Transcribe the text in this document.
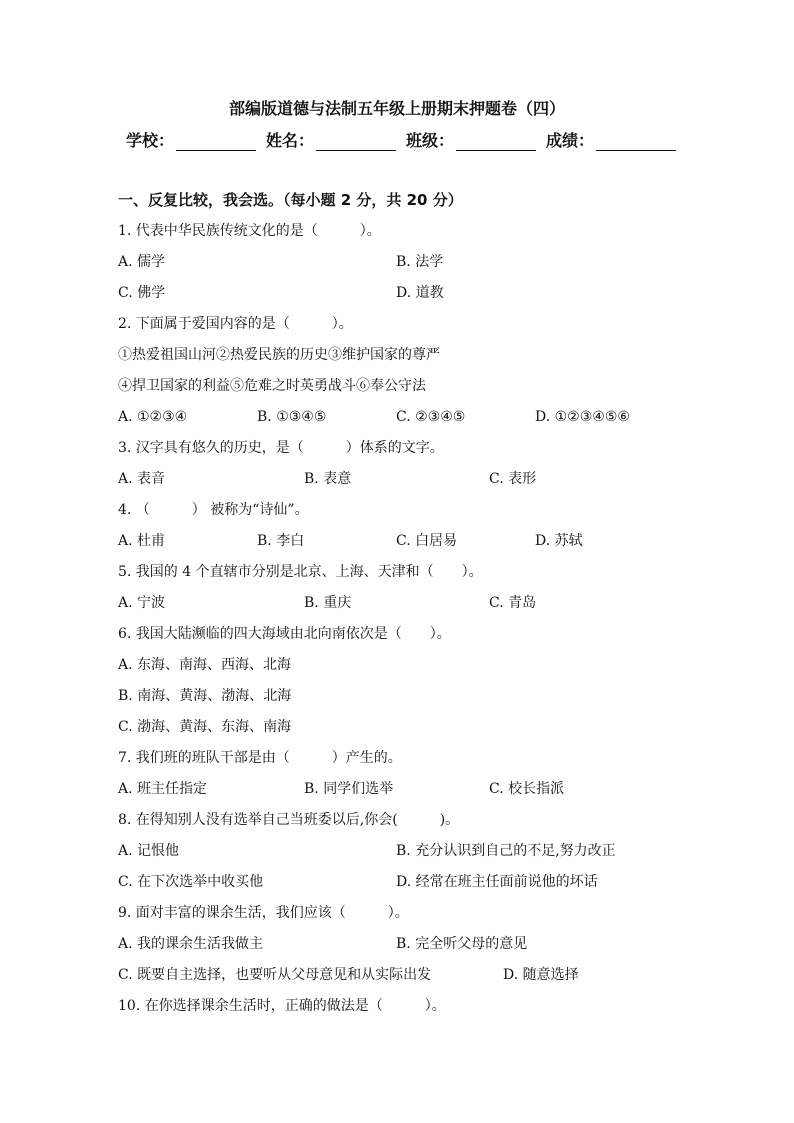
部编版道德与法制五年级上册期末押题卷（四）
学校：	姓名：	班级：	成绩：
一、反复比较，我会选。（每小题 2 分，共 20 分）
1. 代表中华民族传统文化的是（　　　）。
A. 儒学	B. 法学
C. 佛学	D. 道教
2. 下面属于爱国内容的是（　　　）。
①热爱祖国山河②热爱民族的历史③维护国家的尊严
④捍卫国家的利益⑤危难之时英勇战斗⑥奉公守法
A. ①②③④	B. ①③④⑤	C. ②③④⑤	D. ①②③④⑤⑥
3. 汉字具有悠久的历史，是（　　　）体系的文字。
A. 表音	B. 表意	C. 表形
4. （　　　） 被称为“诗仙”。
A. 杜甫	B. 李白	C. 白居易	D. 苏轼
5. 我国的 4 个直辖市分别是北京、上海、天津和（　　）。
A. 宁波	B. 重庆	C. 青岛
6. 我国大陆濒临的四大海域由北向南依次是（　　）。
A. 东海、南海、西海、北海
B. 南海、黄海、渤海、北海
C. 渤海、黄海、东海、南海
7. 我们班的班队干部是由（　　　）产生的。
A. 班主任指定	B. 同学们选举	C. 校长指派
8. 在得知别人没有选举自己当班委以后,你会(　　　)。
A. 记恨他	B. 充分认识到自己的不足,努力改正
C. 在下次选举中收买他	D. 经常在班主任面前说他的坏话
9. 面对丰富的课余生活，我们应该（　　　）。
A. 我的课余生活我做主	B. 完全听父母的意见
C. 既要自主选择，也要听从父母意见和从实际出发	D. 随意选择
10. 在你选择课余生活时，正确的做法是（　　　）。
